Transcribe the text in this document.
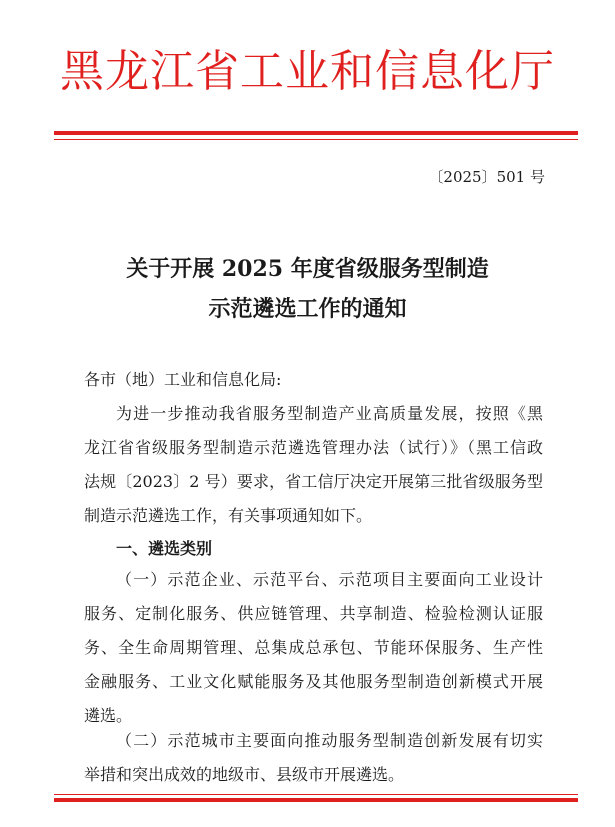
黑龙江省工业和信息化厅
〔2025〕501 号
关于开展 2025 年度省级服务型制造
示范遴选工作的通知
各市（地）工业和信息化局:
为进一步推动我省服务型制造产业高质量发展，按照《黑
龙江省省级服务型制造示范遴选管理办法（试行）》（黑工信政
法规〔2023〕2 号）要求，省工信厅决定开展第三批省级服务型
制造示范遴选工作，有关事项通知如下。
一、遴选类别
（一）示范企业、示范平台、示范项目主要面向工业设计
服务、定制化服务、供应链管理、共享制造、检验检测认证服
务、全生命周期管理、总集成总承包、节能环保服务、生产性
金融服务、工业文化赋能服务及其他服务型制造创新模式开展
遴选。
（二）示范城市主要面向推动服务型制造创新发展有切实
举措和突出成效的地级市、县级市开展遴选。
